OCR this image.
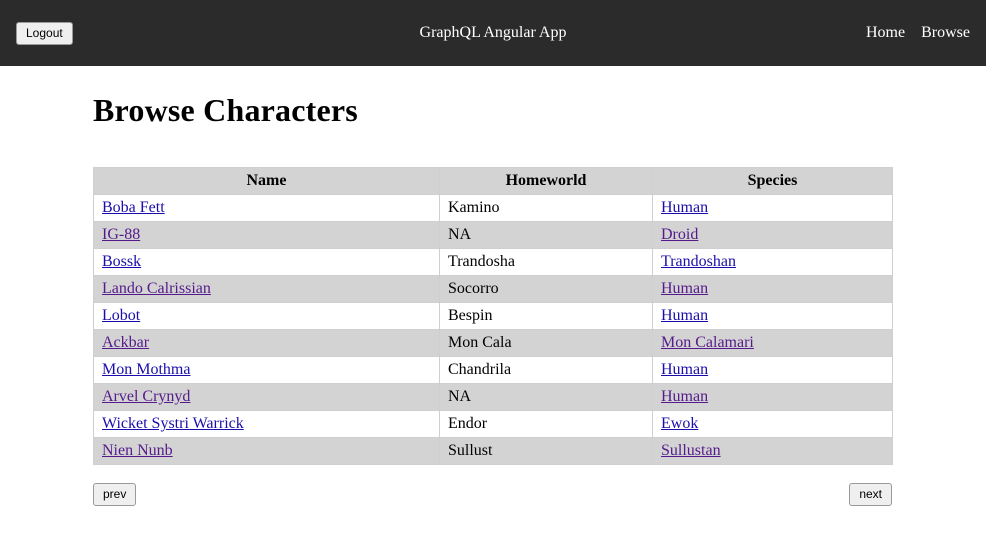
Logout	GraphQL Angular App	Home Browse
Browse Characters
Name	Homeworld	Species
Boba Fett	Kamino	Human
IG-88	NA	Droid
Bossk	Trandosha	Trandoshan
Lando Calrissian	Socorro	Human
Lobot	Bespin	Human
Ackbar	Mon Cala	Mon Calamari
Mon Mothma	Chandrila	Human
Arvel Crynyd	NA	Human
Wicket Systri Warrick	Endor	Ewok
Nien Nunb	Sullust	Sullustan
prev	next
